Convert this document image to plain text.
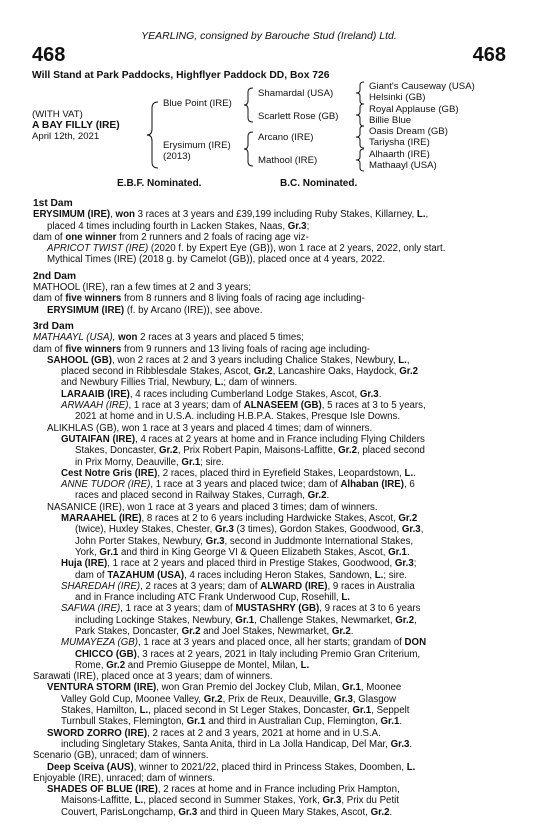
YEARLING, consigned by Barouche Stud (Ireland) Ltd.
468	468
Will Stand at Park Paddocks, Highflyer Paddock DD, Box 726
(WITH VAT)
A BAY FILLY (IRE)
April 12th, 2021
Blue Point (IRE)
Erysimum (IRE)
(2013)
Shamardal (USA)
Scarlett Rose (GB)
Arcano (IRE)
Mathool (IRE)
Giant's Causeway (USA)
Helsinki (GB)
Royal Applause (GB)
Billie Blue
Oasis Dream (GB)
Tariysha (IRE)
Alhaarth (IRE)
Mathaayl (USA)
E.B.F. Nominated.	B.C. Nominated.

1st Dam

ERYSIMUM (IRE), won 3 races at 3 years and £39,199 including Ruby Stakes, Killarney, L.,

placed 4 times including fourth in Lacken Stakes, Naas, Gr.3;

dam of one winner from 2 runners and 2 foals of racing age viz-

APRICOT TWIST (IRE) (2020 f. by Expert Eye (GB)), won 1 race at 2 years, 2022, only start.

Mythical Times (IRE) (2018 g. by Camelot (GB)), placed once at 4 years, 2022.

2nd Dam

MATHOOL (IRE), ran a few times at 2 and 3 years;

dam of five winners from 8 runners and 8 living foals of racing age including-

ERYSIMUM (IRE) (f. by Arcano (IRE)), see above.

3rd Dam

MATHAAYL (USA), won 2 races at 3 years and placed 5 times;

dam of five winners from 9 runners and 13 living foals of racing age including-

SAHOOL (GB), won 2 races at 2 and 3 years including Chalice Stakes, Newbury, L.,

placed second in Ribblesdale Stakes, Ascot, Gr.2, Lancashire Oaks, Haydock, Gr.2

and Newbury Fillies Trial, Newbury, L.; dam of winners.

LARAAIB (IRE), 4 races including Cumberland Lodge Stakes, Ascot, Gr.3.

ARWAAH (IRE), 1 race at 3 years; dam of ALNASEEM (GB), 5 races at 3 to 5 years,

2021 at home and in U.S.A. including H.B.P.A. Stakes, Presque Isle Downs.

ALIKHLAS (GB), won 1 race at 3 years and placed 4 times; dam of winners.

GUTAIFAN (IRE), 4 races at 2 years at home and in France including Flying Childers

Stakes, Doncaster, Gr.2, Prix Robert Papin, Maisons-Laffitte, Gr.2, placed second

in Prix Morny, Deauville, Gr.1; sire.

Cest Notre Gris (IRE), 2 races, placed third in Eyrefield Stakes, Leopardstown, L..

ANNE TUDOR (IRE), 1 race at 3 years and placed twice; dam of Alhaban (IRE), 6

races and placed second in Railway Stakes, Curragh, Gr.2.

NASANICE (IRE), won 1 race at 3 years and placed 3 times; dam of winners.

MARAAHEL (IRE), 8 races at 2 to 6 years including Hardwicke Stakes, Ascot, Gr.2

(twice), Huxley Stakes, Chester, Gr.3 (3 times), Gordon Stakes, Goodwood, Gr.3,

John Porter Stakes, Newbury, Gr.3, second in Juddmonte International Stakes,

York, Gr.1 and third in King George VI & Queen Elizabeth Stakes, Ascot, Gr.1.

Huja (IRE), 1 race at 2 years and placed third in Prestige Stakes, Goodwood, Gr.3;

dam of TAZAHUM (USA), 4 races including Heron Stakes, Sandown, L.; sire.

SHAREDAH (IRE), 2 races at 3 years; dam of ALWARD (IRE), 9 races in Australia

and in France including ATC Frank Underwood Cup, Rosehill, L.

SAFWA (IRE), 1 race at 3 years; dam of MUSTASHRY (GB), 9 races at 3 to 6 years

including Lockinge Stakes, Newbury, Gr.1, Challenge Stakes, Newmarket, Gr.2,

Park Stakes, Doncaster, Gr.2 and Joel Stakes, Newmarket, Gr.2.

MUMAYEZA (GB), 1 race at 3 years and placed once, all her starts; grandam of DON

CHICCO (GB), 3 races at 2 years, 2021 in Italy including Premio Gran Criterium,

Rome, Gr.2 and Premio Giuseppe de Montel, Milan, L.

Sarawati (IRE), placed once at 3 years; dam of winners.

VENTURA STORM (IRE), won Gran Premio del Jockey Club, Milan, Gr.1, Moonee

Valley Gold Cup, Moonee Valley, Gr.2, Prix de Reux, Deauville, Gr.3, Glasgow

Stakes, Hamilton, L., placed second in St Leger Stakes, Doncaster, Gr.1, Seppelt

Turnbull Stakes, Flemington, Gr.1 and third in Australian Cup, Flemington, Gr.1.

SWORD ZORRO (IRE), 2 races at 2 and 3 years, 2021 at home and in U.S.A.

including Singletary Stakes, Santa Anita, third in La Jolla Handicap, Del Mar, Gr.3.

Scenario (GB), unraced; dam of winners.

Deep Sceiva (AUS), winner to 2021/22, placed third in Princess Stakes, Doomben, L.

Enjoyable (IRE), unraced; dam of winners.

SHADES OF BLUE (IRE), 2 races at home and in France including Prix Hampton,

Maisons-Laffitte, L., placed second in Summer Stakes, York, Gr.3, Prix du Petit

Couvert, ParisLongchamp, Gr.3 and third in Queen Mary Stakes, Ascot, Gr.2.
